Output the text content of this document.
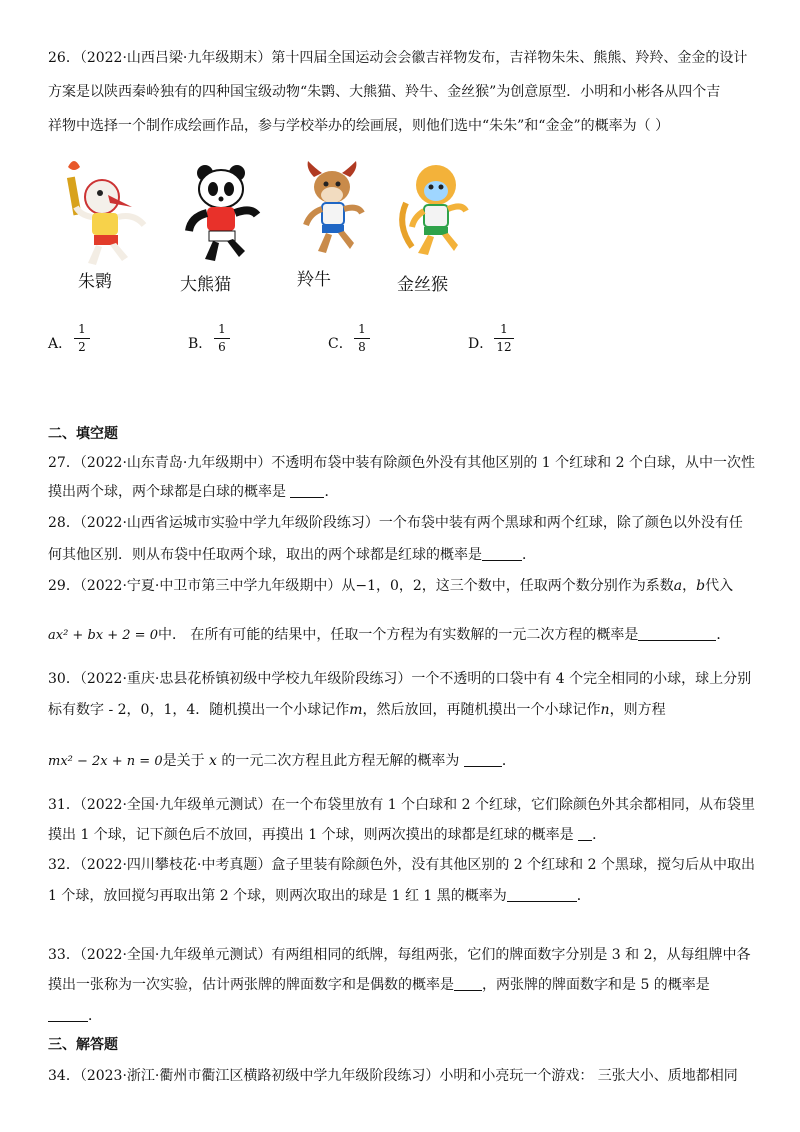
26．（2022·山西吕梁·九年级期末）第十四届全国运动会会徽吉祥物发布，吉祥物朱朱、熊熊、羚羚、金金的设计
方案是以陕西秦岭独有的四种国宝级动物“朱鹮、大熊猫、羚牛、金丝猴”为创意原型．小明和小彬各从四个吉
祥物中选择一个制作成绘画作品，参与学校举办的绘画展，则他们选中“朱朱”和“金金”的概率为（ ）
朱鹮	大熊猫	羚牛	金丝猴
A．
1
2	B．
1
6	C．
1
8	D．
1
12
二、填空题
27．（2022·山东青岛·九年级期中）不透明布袋中装有除颜色外没有其他区别的 1 个红球和 2 个白球，从中一次性
摸出两个球，两个球都是白球的概率是	．
28．（2022·山西省运城市实验中学九年级阶段练习）一个布袋中装有两个黑球和两个红球，除了颜色以外没有任
何其他区别．则从布袋中任取两个球，取出的两个球都是红球的概率是	．
29．（2022·宁夏·中卫市第三中学九年级期中）从−1，0，2，这三个数中，任取两个数分别作为系数a，b代入
ax² + bx + 2 = 0中． 在所有可能的结果中，任取一个方程为有实数解的一元二次方程的概率是	．
30．（2022·重庆·忠县花桥镇初级中学校九年级阶段练习）一个不透明的口袋中有 4 个完全相同的小球，球上分别
标有数字 - 2，0，1，4．随机摸出一个小球记作m，然后放回，再随机摸出一个小球记作n，则方程
mx² − 2x + n = 0是关于 x 的一元二次方程且此方程无解的概率为	．
31．（2022·全国·九年级单元测试）在一个布袋里放有 1 个白球和 2 个红球，它们除颜色外其余都相同，从布袋里
摸出 1 个球，记下颜色后不放回，再摸出 1 个球，则两次摸出的球都是红球的概率是 ．
32．（2022·四川攀枝花·中考真题）盒子里装有除颜色外，没有其他区别的 2 个红球和 2 个黑球，搅匀后从中取出
1 个球，放回搅匀再取出第 2 个球，则两次取出的球是 1 红 1 黑的概率为	．
33．（2022·全国·九年级单元测试）有两组相同的纸牌，每组两张，它们的牌面数字分别是 3 和 2，从每组牌中各
摸出一张称为一次实验，估计两张牌的牌面数字和是偶数的概率是 ，两张牌的牌面数字和是 5 的概率是
．
三、解答题
34．（2023·浙江·衢州市衢江区横路初级中学九年级阶段练习）小明和小亮玩一个游戏： 三张大小、质地都相同
